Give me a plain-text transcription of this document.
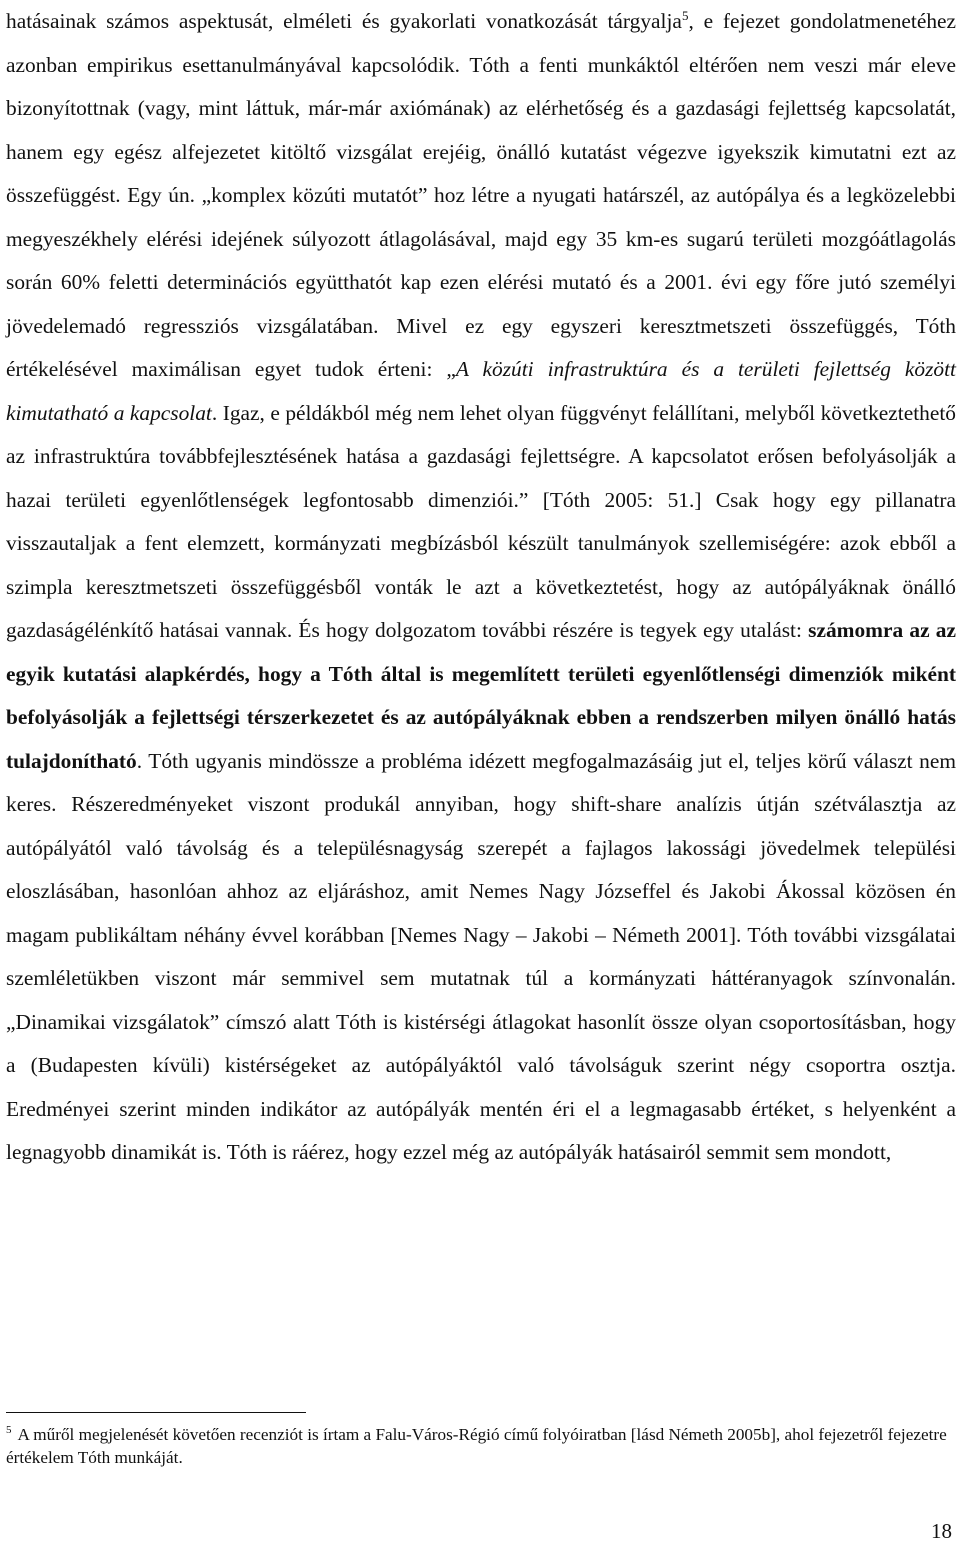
hatásainak számos aspektusát, elméleti és gyakorlati vonatkozását tárgyalja$^5$, e fejezet gondolatmenetéhez azonban empirikus esettanulmányával kapcsolódik. Tóth a fenti munkáktól eltérően nem veszi már eleve bizonyítottnak (vagy, mint láttuk, már-már axiómának) az elérhetőség és a gazdasági fejlettség kapcsolatát, hanem egy egész alfejezetet kitöltő vizsgálat erejéig, önálló kutatást végezve igyekszik kimutatni ezt az összefüggést. Egy ún. „komplex közúti mutatót” hoz létre a nyugati határszél, az autópálya és a legközelebbi megyeszékhely elérési idejének súlyozott átlagolásával, majd egy 35 km-es sugarú területi mozgóátlagolás során 60% feletti determinációs együtthatót kap ezen elérési mutató és a 2001. évi egy főre jutó személyi jövedelemadó regressziós vizsgálatában. Mivel ez egy egyszeri keresztmetszeti összefüggés, Tóth értékelésével maximálisan egyet tudok érteni: „A közúti infrastruktúra és a területi fejlettség között kimutatható a kapcsolat. Igaz, e példákból még nem lehet olyan függvényt felállítani, melyből következtethető az infrastruktúra továbbfejlesztésének hatása a gazdasági fejlettségre. A kapcsolatot erősen befolyásolják a hazai területi egyenlőtlenségek legfontosabb dimenziói.” [Tóth 2005: 51.] Csak hogy egy pillanatra visszautaljak a fent elemzett, kormányzati megbízásból készült tanulmányok szellemiségére: azok ebből a szimpla keresztmetszeti összefüggésből vonták le azt a következtetést, hogy az autópályáknak önálló gazdaságélénkítő hatásai vannak. És hogy dolgozatom további részére is tegyek egy utalást: számomra az az egyik kutatási alapkérdés, hogy a Tóth által is megemlített területi egyenlőtlenségi dimenziók miként befolyásolják a fejlettségi térszerkezetet és az autópályáknak ebben a rendszerben milyen önálló hatás tulajdonítható. Tóth ugyanis mindössze a probléma idézett megfogalmazásáig jut el, teljes körű választ nem keres. Részeredményeket viszont produkál annyiban, hogy shift-share analízis útján szétválasztja az autópályától való távolság és a településnagyság szerepét a fajlagos lakossági jövedelmek települési eloszlásában, hasonlóan ahhoz az eljáráshoz, amit Nemes Nagy Józseffel és Jakobi Ákossal közösen én magam publikáltam néhány évvel korábban [Nemes Nagy – Jakobi – Németh 2001]. Tóth további vizsgálatai szemléletükben viszont már semmivel sem mutatnak túl a kormányzati háttéranyagok színvonalán. „Dinamikai vizsgálatok” címszó alatt Tóth is kistérségi átlagokat hasonlít össze olyan csoportosításban, hogy a (Budapesten kívüli) kistérségeket az autópályáktól való távolságuk szerint négy csoportra osztja. Eredményei szerint minden indikátor az autópályák mentén éri el a legmagasabb értéket, s helyenként a legnagyobb dinamikát is. Tóth is ráérez, hogy ezzel még az autópályák hatásairól semmit sem mondott,

$^5$ A műről megjelenését követően recenziót is írtam a Falu-Város-Régió című folyóiratban [lásd Németh 2005b], ahol fejezetről fejezetre értékelem Tóth munkáját.

18
